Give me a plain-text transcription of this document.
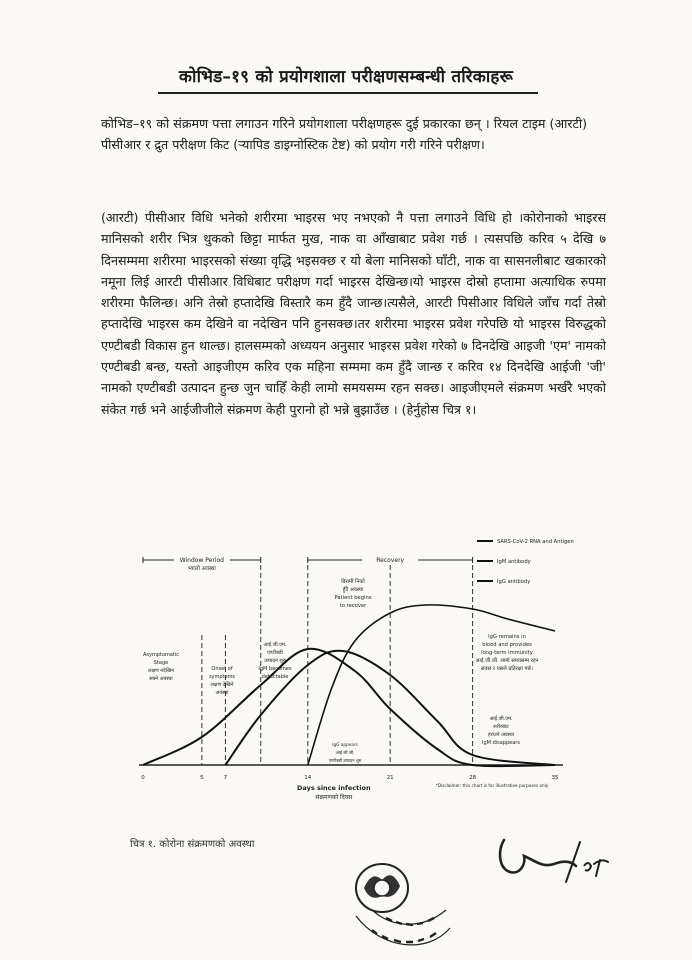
कोभिड–१९ को प्रयोगशाला परीक्षणसम्बन्धी तरिकाहरू
कोभिड–१९ को संक्रमण पत्ता लगाउन गरिने प्रयोगशाला परीक्षणहरू दुई प्रकारका छन् । रियल टाइम (आरटी) पीसीआर र द्रुत परीक्षण किट (र्‍यापिड डाइग्नोस्टिक टेष्ट) को प्रयोग गरी गरिने परीक्षण।
(आरटी) पीसीआर विधि भनेको शरीरमा भाइरस भए नभएको नै पत्ता लगाउने विधि हो ।कोरोनाको भाइरस मानिसको शरीर भित्र थुकको छिट्टा मार्फत मुख, नाक वा आँखाबाट प्रवेश गर्छ । त्यसपछि करिव ५ देखि ७ दिनसम्ममा शरीरमा भाइरसको संख्या वृद्धि भइसक्छ र यो बेला मानिसको घाँटी, नाक वा सासनलीबाट खकारको नमूना लिई आरटी पीसीआर विधिबाट परीक्षण गर्दा भाइरस देखिन्छ।यो भाइरस दोस्रो हप्तामा अत्याधिक रुपमा शरीरमा फैलिन्छ। अनि तेस्रो हप्तादेखि विस्तारै कम हुँदै जान्छ।त्यसैले, आरटी पिसीआर विधिले जाँच गर्दा तेस्रो हप्तादेखि भाइरस कम देखिने वा नदेखिन पनि हुनसक्छ।तर शरीरमा भाइरस प्रवेश गरेपछि यो भाइरस विरुद्धको एण्टीबडी विकास हुन थाल्छ। हालसम्मको अध्ययन अनुसार भाइरस प्रवेश गरेको ७ दिनदेखि आइजी 'एम' नामको एण्टीबडी बन्छ, यस्तो आइजीएम करिव एक महिना सम्ममा कम हुँदै जान्छ र करिव १४ दिनदेखि आईजी 'जी' नामको एण्टीबडी उत्पादन हुन्छ जुन चाहिँ केही लामो समयसम्म रहन सक्छ। आइजीएमले संक्रमण भर्खरै भएको संकेत गर्छ भने आईजीजीले संक्रमण केही पुरानो हो भन्ने बुझाउँछ । (हेर्नुहोस चित्र १।
0	5	7	14	21	28	35
Days since infection
संक्रमणको दिवस
Window Period
भ्यालो अवस्था
Recovery
SARS-CoV-2 RNA and Antigen
IgM antibody
IgG antibody
Asymptomatic
Stage
लक्षण नदेखिन
सक्ने अवस्था
Onset of
symptoms
लक्षण देखिने
अवस्था
आई.जी.एम.
एण्टीबडी
उत्पादन शुरु
IgM becomes
detectable
बिरामी निको
हुँदै अवस्था
Patient begins
to recover
IgG remains in
blood and provides
long-term immunity
आई.जी.जी. लामो समयसम्म रहन
सक्छ र यसले प्रतिरक्षा गर्छ।
IgG appears
आई.जी.जी.
एण्टीबडी उत्पादन शुरु
आई.जी.एम.
शरीरबाट
हराउने अवस्था
IgM disappears
*Disclaimer: this chart is for illustrative purposes only
चित्र १. कोरोना संक्रमणको अवस्था
